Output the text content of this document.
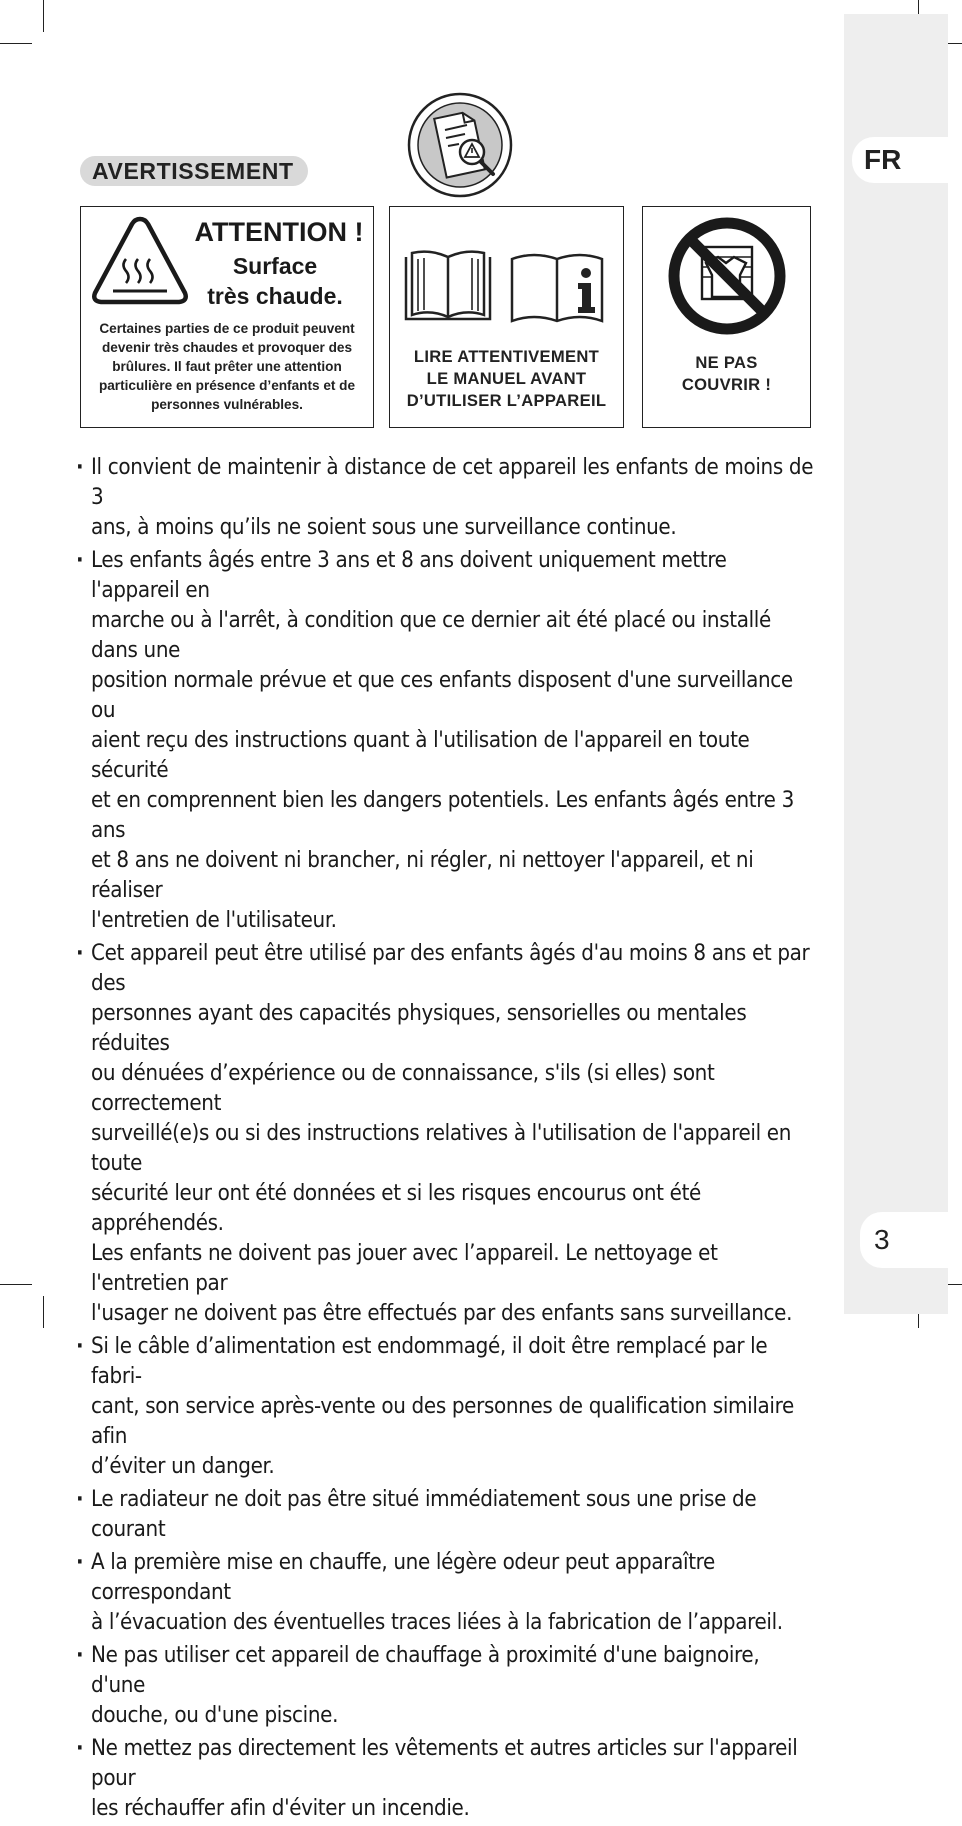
FR
3
AVERTISSEMENT
ATTENTION !
Surface
très chaude.
Certaines parties de ce produit peuvent
devenir très chaudes et provoquer des
brûlures. Il faut prêter une attention
particulière en présence d’enfants et de
personnes vulnérables.
LIRE ATTENTIVEMENT
LE MANUEL AVANT
D’UTILISER L’APPAREIL
NE PAS
COUVRIR !
· Il convient de maintenir à distance de cet appareil les enfants de moins de 3
ans, à moins qu’ils ne soient sous une surveillance continue.
· Les enfants âgés entre 3 ans et 8 ans doivent uniquement mettre l'appareil en
marche ou à l'arrêt, à condition que ce dernier ait été placé ou installé dans une
position normale prévue et que ces enfants disposent d'une surveillance ou
aient reçu des instructions quant à l'utilisation de l'appareil en toute sécurité
et en comprennent bien les dangers potentiels. Les enfants âgés entre 3 ans
et 8 ans ne doivent ni brancher, ni régler, ni nettoyer l'appareil, et ni réaliser
l'entretien de l'utilisateur.
· Cet appareil peut être utilisé par des enfants âgés d'au moins 8 ans et par des
personnes ayant des capacités physiques, sensorielles ou mentales réduites
ou dénuées d’expérience ou de connaissance, s'ils (si elles) sont correctement
surveillé(e)s ou si des instructions relatives à l'utilisation de l'appareil en toute
sécurité leur ont été données et si les risques encourus ont été appréhendés.
Les enfants ne doivent pas jouer avec l’appareil. Le nettoyage et l'entretien par
l'usager ne doivent pas être effectués par des enfants sans surveillance.
· Si le câble d’alimentation est endommagé, il doit être remplacé par le fabri-
cant, son service après-vente ou des personnes de qualification similaire afin
d’éviter un danger.
· Le radiateur ne doit pas être situé immédiatement sous une prise de courant
· A la première mise en chauffe, une légère odeur peut apparaître correspondant
à l’évacuation des éventuelles traces liées à la fabrication de l’appareil.
· Ne pas utiliser cet appareil de chauffage à proximité d'une baignoire, d'une
douche, ou d'une piscine.
· Ne mettez pas directement les vêtements et autres articles sur l'appareil pour
les réchauffer afin d'éviter un incendie.
